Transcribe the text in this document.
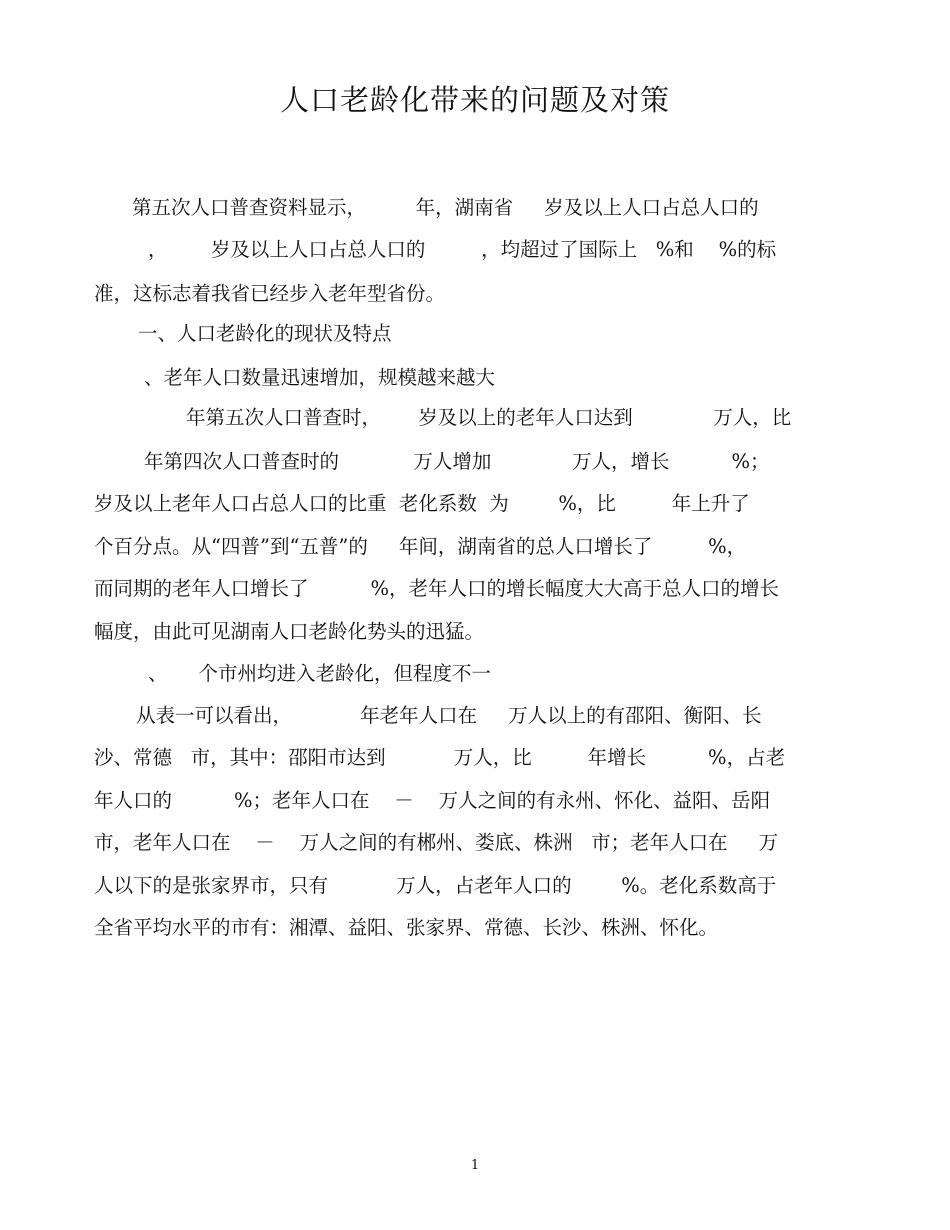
人口老龄化带来的问题及对策
第五次人口普查资料显示，        年，湖南省     岁及以上人口占总人口的
，       岁及以上人口占总人口的         ，均超过了国际上   %和    %的标
准，这标志着我省已经步入老年型省份。
一、人口老龄化的现状及特点
、老年人口数量迅速增加，规模越来越大
年第五次人口普查时，      岁及以上的老年人口达到             万人，比
年第四次人口普查时的            万人增加             万人，增长          %；
岁及以上老年人口占总人口的比重  老化系数  为        %，比         年上升了
个百分点。从“四普”到“五普”的     年间，湖南省的总人口增长了         %，
而同期的老年人口增长了          %，老年人口的增长幅度大大高于总人口的增长
幅度，由此可见湖南人口老龄化势头的迅猛。
、     个市州均进入老龄化，但程度不一
从表一可以看出，           年老年人口在     万人以上的有邵阳、衡阳、长
沙、常德   市，其中：邵阳市达到           万人，比         年增长          %，占老
年人口的          %；老年人口在    －    万人之间的有永州、怀化、益阳、岳阳
市，老年人口在    －    万人之间的有郴州、娄底、株洲   市；老年人口在     万
人以下的是张家界市，只有           万人，占老年人口的        %。老化系数高于
全省平均水平的市有：湘潭、益阳、张家界、常德、长沙、株洲、怀化。
1
